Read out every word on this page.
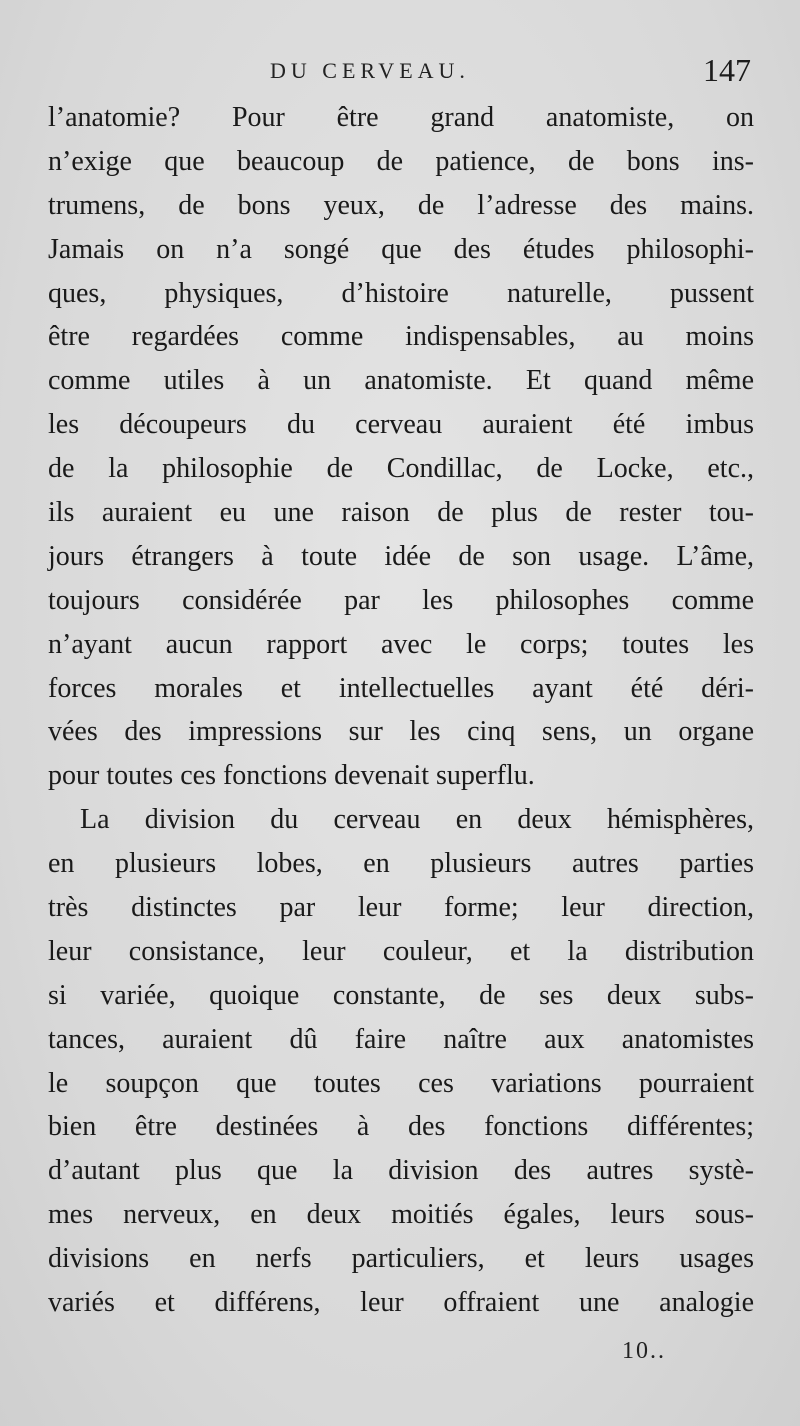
DU CERVEAU.	147
l’anatomie? Pour être grand anatomiste, on
n’exige que beaucoup de patience, de bons ins-
trumens, de bons yeux, de l’adresse des mains.
Jamais on n’a songé que des études philosophi-
ques, physiques, d’histoire naturelle, pussent
être regardées comme indispensables, au moins
comme utiles à un anatomiste. Et quand même
les découpeurs du cerveau auraient été imbus
de la philosophie de Condillac, de Locke, etc.,
ils auraient eu une raison de plus de rester tou-
jours étrangers à toute idée de son usage. L’âme,
toujours considérée par les philosophes comme
n’ayant aucun rapport avec le corps; toutes les
forces morales et intellectuelles ayant été déri-
vées des impressions sur les cinq sens, un organe
pour toutes ces fonctions devenait superflu.
La division du cerveau en deux hémisphères,
en plusieurs lobes, en plusieurs autres parties
très distinctes par leur forme; leur direction,
leur consistance, leur couleur, et la distribution
si variée, quoique constante, de ses deux subs-
tances, auraient dû faire naître aux anatomistes
le soupçon que toutes ces variations pourraient
bien être destinées à des fonctions différentes;
d’autant plus que la division des autres systè-
mes nerveux, en deux moitiés égales, leurs sous-
divisions en nerfs particuliers, et leurs usages
variés et différens, leur offraient une analogie
10..
